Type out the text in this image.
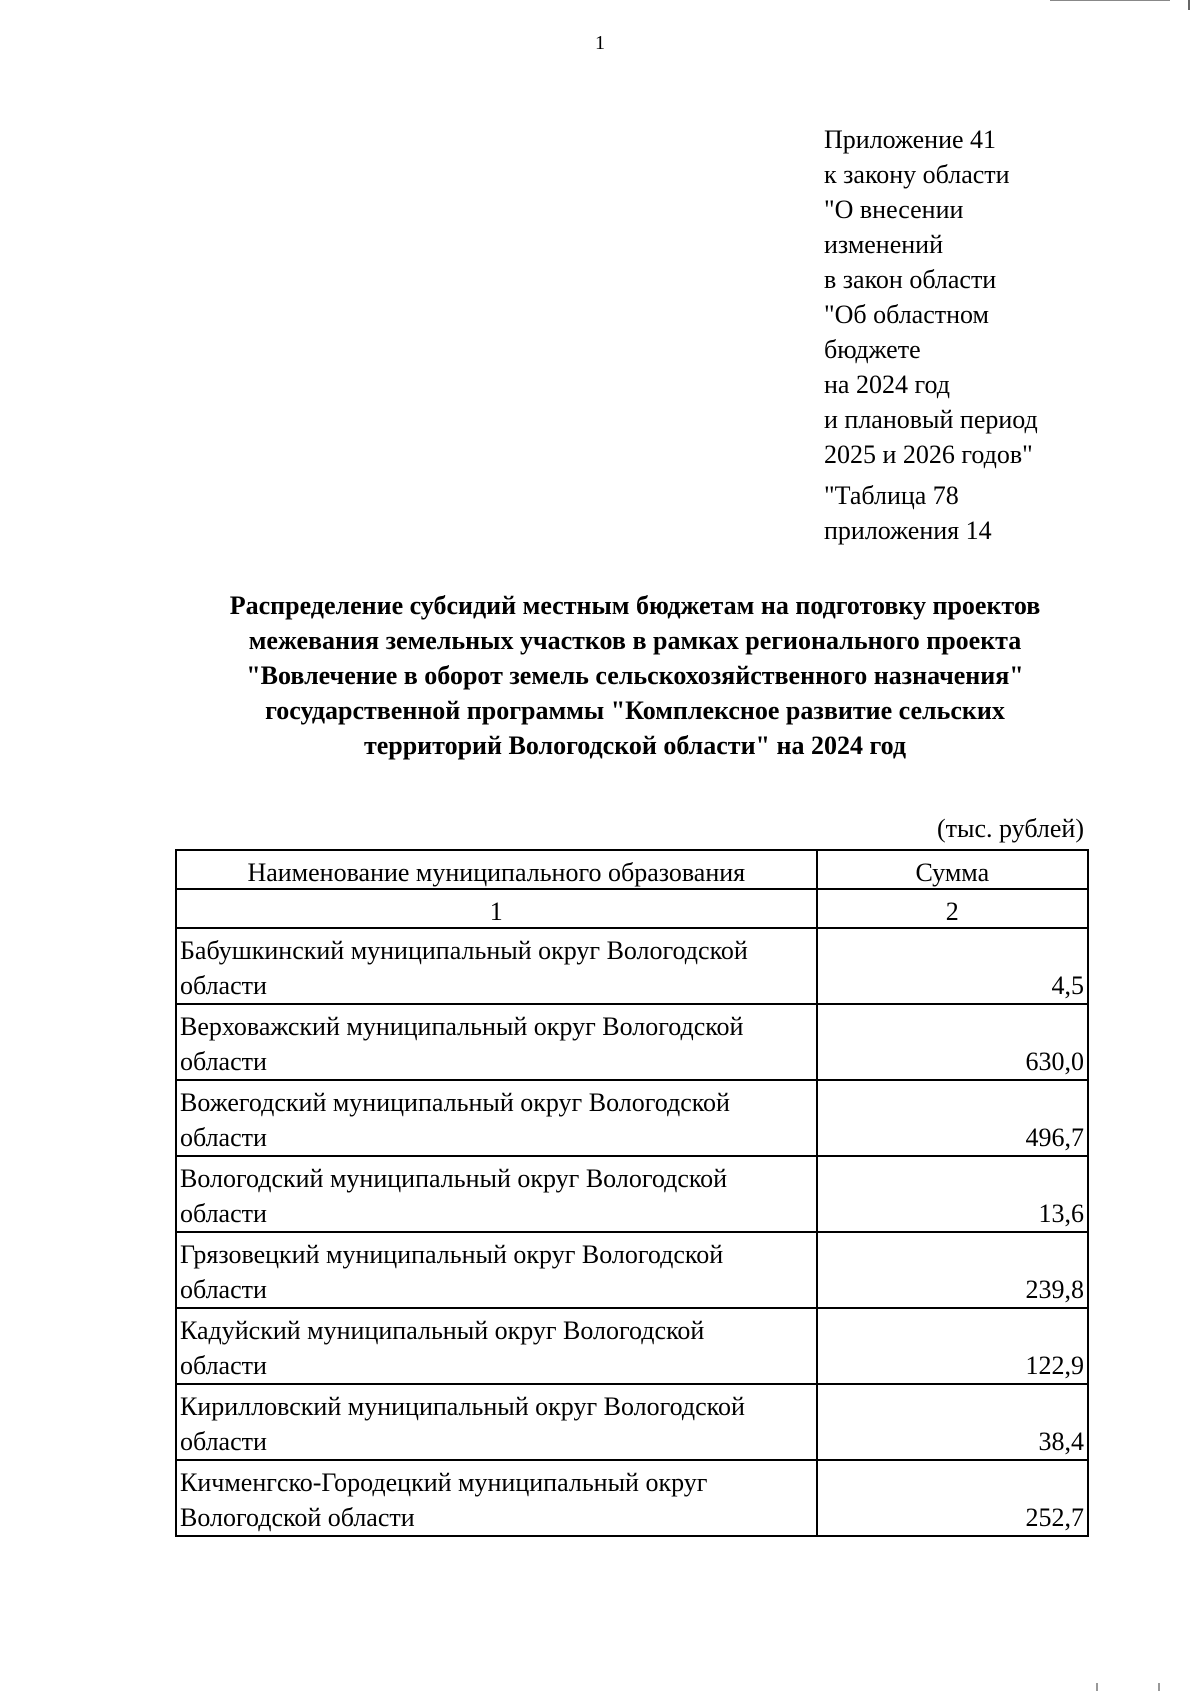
1
Приложение 41
к закону области
"О внесении
изменений
в закон области
"Об областном
бюджете
на 2024 год
и плановый период
2025 и 2026 годов"
"Таблица 78
приложения 14
Распределение субсидий местным бюджетам на подготовку проектов
межевания земельных участков в рамках регионального проекта
"Вовлечение в оборот земель сельскохозяйственного назначения"
государственной программы "Комплексное развитие сельских
территорий Вологодской области" на 2024 год
(тыс. рублей)
Наименование муниципального образования	Сумма
1	2
Бабушкинский муниципальный округ Вологодской
области	4,5
Верховажский муниципальный округ Вологодской
области	630,0
Вожегодский муниципальный округ Вологодской
области	496,7
Вологодский муниципальный округ Вологодской
области	13,6
Грязовецкий муниципальный округ Вологодской
области	239,8
Кадуйский муниципальный округ Вологодской
области	122,9
Кирилловский муниципальный округ Вологодской
области	38,4
Кичменгско-Городецкий муниципальный округ
Вологодской области	252,7
